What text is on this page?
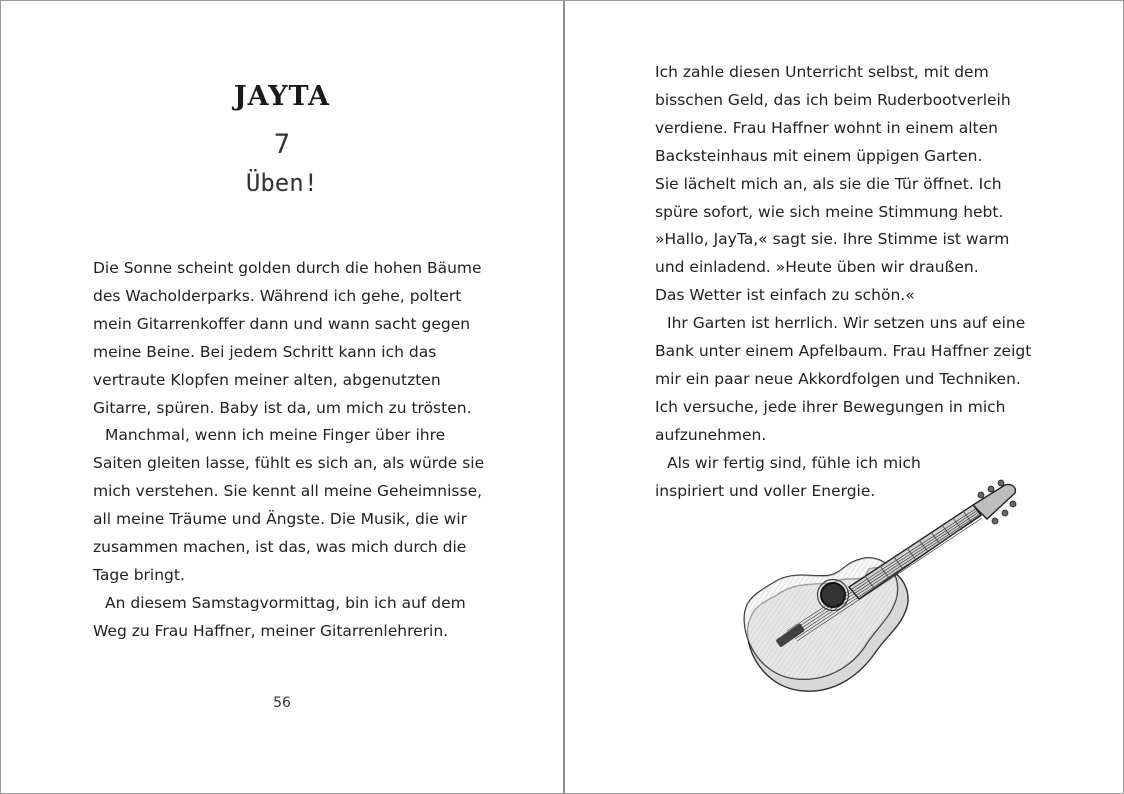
JAYTA
7
Üben!

Die Sonne scheint golden durch die hohen Bäume

des Wacholderparks. Während ich gehe, poltert

mein Gitarrenkoffer dann und wann sacht gegen

meine Beine. Bei jedem Schritt kann ich das

vertraute Klopfen meiner alten, abgenutzten

Gitarre, spüren. Baby ist da, um mich zu trösten.

Manchmal, wenn ich meine Finger über ihre

Saiten gleiten lasse, fühlt es sich an, als würde sie

mich verstehen. Sie kennt all meine Geheimnisse,

all meine Träume und Ängste. Die Musik, die wir

zusammen machen, ist das, was mich durch die

Tage bringt.

An diesem Samstagvormittag, bin ich auf dem

Weg zu Frau Haffner, meiner Gitarrenlehrerin.

56

Ich zahle diesen Unterricht selbst, mit dem

bisschen Geld, das ich beim Ruderbootverleih

verdiene. Frau Haffner wohnt in einem alten

Backsteinhaus mit einem üppigen Garten.

Sie lächelt mich an, als sie die Tür öffnet. Ich

spüre sofort, wie sich meine Stimmung hebt.

»Hallo, JayTa,« sagt sie. Ihre Stimme ist warm

und einladend. »Heute üben wir draußen.

Das Wetter ist einfach zu schön.«

Ihr Garten ist herrlich. Wir setzen uns auf eine

Bank unter einem Apfelbaum. Frau Haffner zeigt

mir ein paar neue Akkordfolgen und Techniken.

Ich versuche, jede ihrer Bewegungen in mich

aufzunehmen.

Als wir fertig sind, fühle ich mich

inspiriert und voller Energie.
